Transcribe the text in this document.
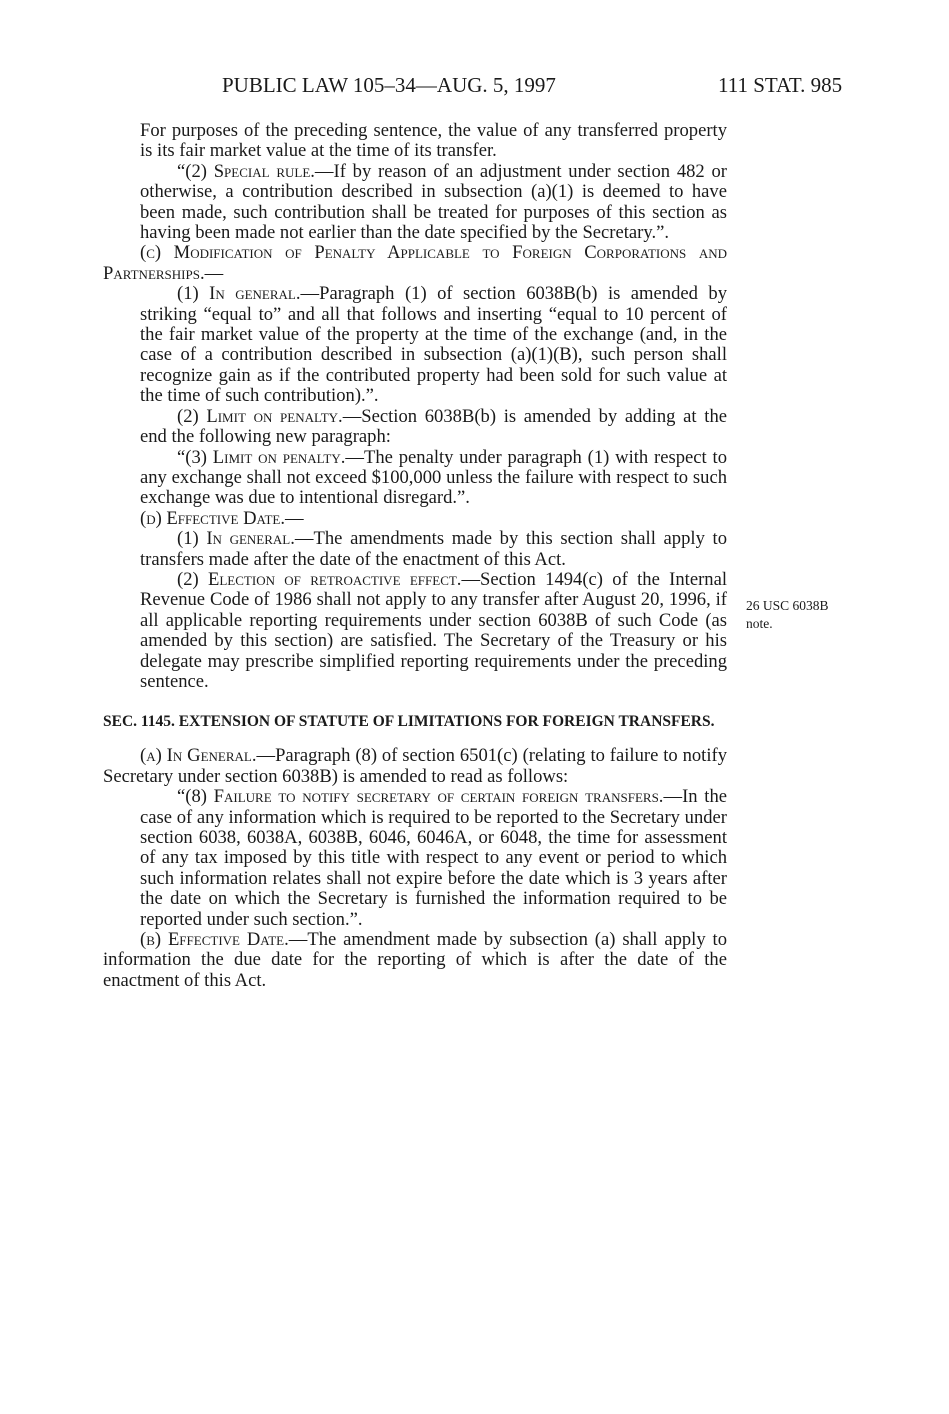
PUBLIC LAW 105–34—AUG. 5, 1997	111 STAT. 985
26 USC 6038B
note.

For purposes of the preceding sentence, the value of any transferred property is its fair market value at the time of its transfer.

“(2) Special rule.—If by reason of an adjustment under section 482 or otherwise, a contribution described in subsection (a)(1) is deemed to have been made, such contribution shall be treated for purposes of this section as having been made not earlier than the date specified by the Secretary.”.

(c) Modification of Penalty Applicable to Foreign Corporations and Partnerships.—

(1) In general.—Paragraph (1) of section 6038B(b) is amended by striking “equal to” and all that follows and inserting “equal to 10 percent of the fair market value of the property at the time of the exchange (and, in the case of a contribution described in subsection (a)(1)(B), such person shall recognize gain as if the contributed property had been sold for such value at the time of such contribution).”.

(2) Limit on penalty.—Section 6038B(b) is amended by adding at the end the following new paragraph:

“(3) Limit on penalty.—The penalty under paragraph (1) with respect to any exchange shall not exceed $100,000 unless the failure with respect to such exchange was due to intentional disregard.”.

(d) Effective Date.—

(1) In general.—The amendments made by this section shall apply to transfers made after the date of the enactment of this Act.

(2) Election of retroactive effect.—Section 1494(c) of the Internal Revenue Code of 1986 shall not apply to any transfer after August 20, 1996, if all applicable reporting requirements under section 6038B of such Code (as amended by this section) are satisfied. The Secretary of the Treasury or his delegate may prescribe simplified reporting requirements under the preceding sentence.

SEC. 1145. EXTENSION OF STATUTE OF LIMITATIONS FOR FOREIGN TRANSFERS.

(a) In General.—Paragraph (8) of section 6501(c) (relating to failure to notify Secretary under section 6038B) is amended to read as follows:

“(8) Failure to notify secretary of certain foreign transfers.—In the case of any information which is required to be reported to the Secretary under section 6038, 6038A, 6038B, 6046, 6046A, or 6048, the time for assessment of any tax imposed by this title with respect to any event or period to which such information relates shall not expire before the date which is 3 years after the date on which the Secretary is furnished the information required to be reported under such section.”.

(b) Effective Date.—The amendment made by subsection (a) shall apply to information the due date for the reporting of which is after the date of the enactment of this Act.
